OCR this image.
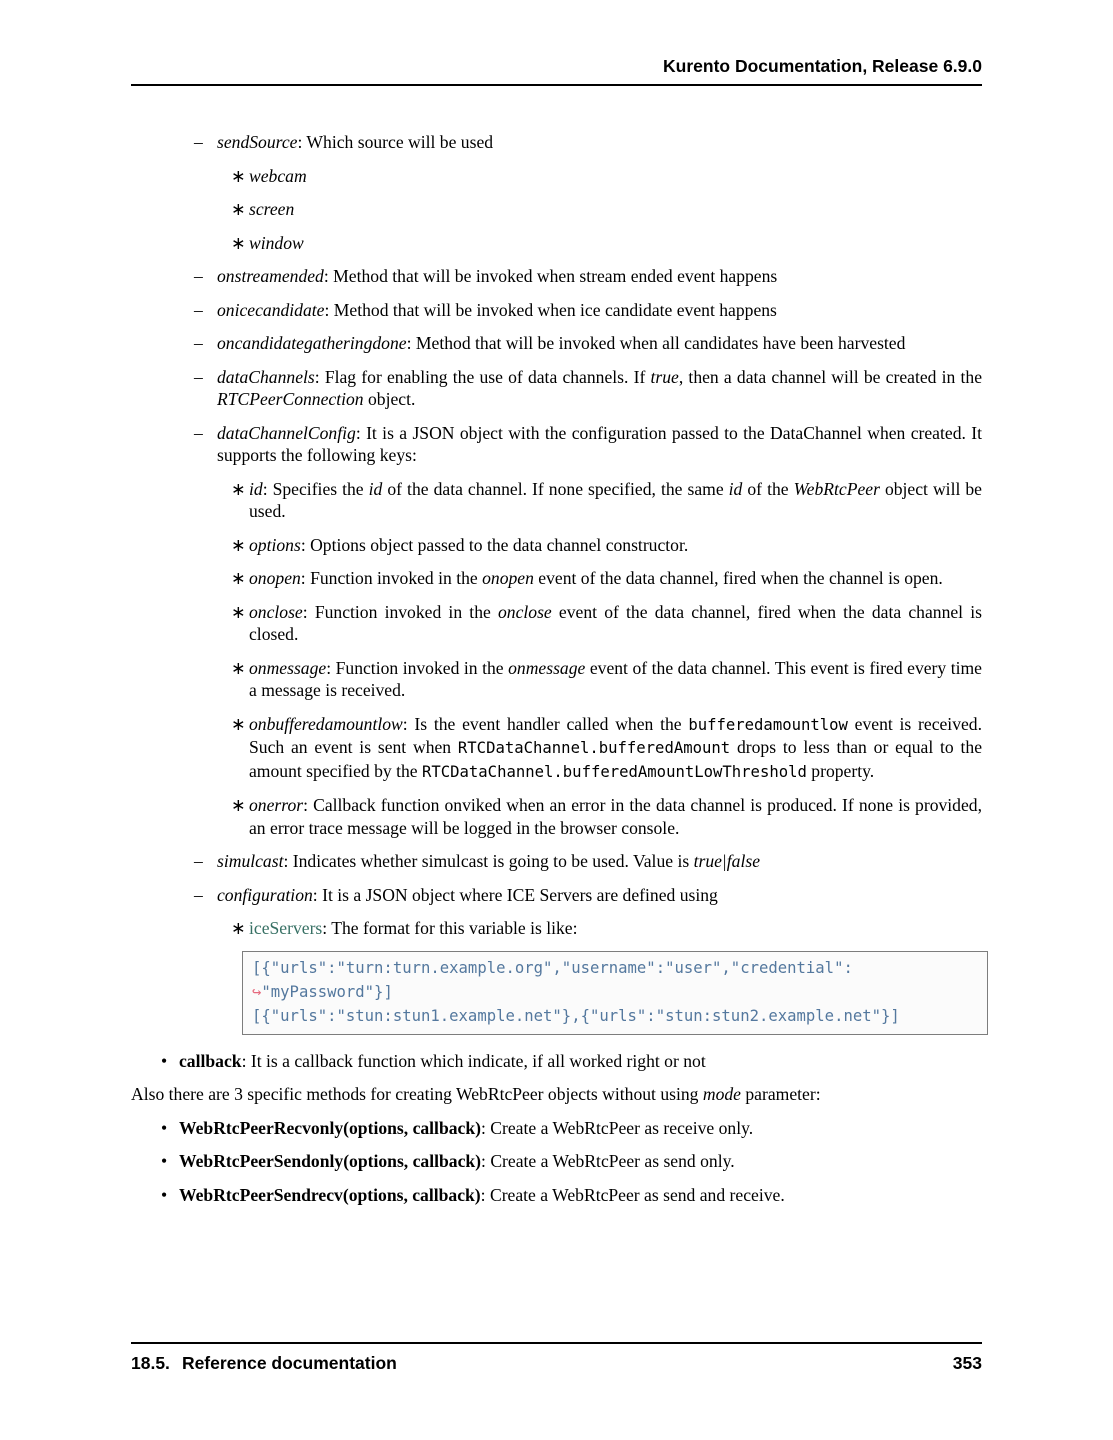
Kurento Documentation, Release 6.9.0
– sendSource: Which source will be used
∗ webcam
∗ screen
∗ window
– onstreamended: Method that will be invoked when stream ended event happens
– onicecandidate: Method that will be invoked when ice candidate event happens
– oncandidategatheringdone: Method that will be invoked when all candidates have been harvested
– dataChannels: Flag for enabling the use of data channels. If true, then a data channel will be created in the RTCPeerConnection object.
– dataChannelConfig: It is a JSON object with the configuration passed to the DataChannel when created. It supports the following keys:
∗ id: Specifies the id of the data channel. If none specified, the same id of the WebRtcPeer object will be used.
∗ options: Options object passed to the data channel constructor.
∗ onopen: Function invoked in the onopen event of the data channel, fired when the channel is open.
∗ onclose: Function invoked in the onclose event of the data channel, fired when the data channel is closed.
∗ onmessage: Function invoked in the onmessage event of the data channel. This event is fired every time a message is received.
∗ onbufferedamountlow: Is the event handler called when the bufferedamountlow event is received. Such an event is sent when RTCDataChannel.bufferedAmount drops to less than or equal to the amount specified by the RTCDataChannel.bufferedAmountLowThreshold property.
∗ onerror: Callback function onviked when an error in the data channel is produced. If none is provided, an error trace message will be logged in the browser console.
– simulcast: Indicates whether simulcast is going to be used. Value is true|false
– configuration: It is a JSON object where ICE Servers are defined using
∗ iceServers: The format for this variable is like:
[{"urls":"turn:turn.example.org","username":"user","credential":
↪"myPassword"}]
[{"urls":"stun:stun1.example.net"},{"urls":"stun:stun2.example.net"}]
• callback: It is a callback function which indicate, if all worked right or not
Also there are 3 specific methods for creating WebRtcPeer objects without using mode parameter:
• WebRtcPeerRecvonly(options, callback): Create a WebRtcPeer as receive only.
• WebRtcPeerSendonly(options, callback): Create a WebRtcPeer as send only.
• WebRtcPeerSendrecv(options, callback): Create a WebRtcPeer as send and receive.
18.5. Reference documentation	353
